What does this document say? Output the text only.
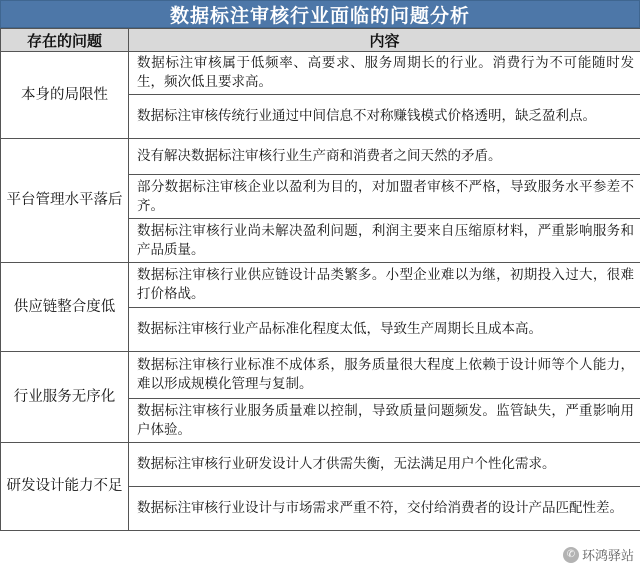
数据标注审核行业面临的问题分析
存在的问题	内容
本身的局限性	数据标注审核属于低频率、高要求、服务周期长的行业。消费行为不可能随时发生，频次低且要求高。
	数据标注审核传统行业通过中间信息不对称赚钱模式价格透明，缺乏盈利点。
平台管理水平落后	没有解决数据标注审核行业生产商和消费者之间天然的矛盾。
	部分数据标注审核企业以盈利为目的，对加盟者审核不严格，导致服务水平参差不齐。
	数据标注审核行业尚未解决盈利问题，利润主要来自压缩原材料，严重影响服务和产品质量。
供应链整合度低	数据标注审核行业供应链设计品类繁多。小型企业难以为继，初期投入过大，很难打价格战。
	数据标注审核行业产品标准化程度太低，导致生产周期长且成本高。
行业服务无序化	数据标注审核行业标准不成体系，服务质量很大程度上依赖于设计师等个人能力，难以形成规模化管理与复制。
	数据标注审核行业服务质量难以控制，导致质量问题频发。监管缺失，严重影响用户体验。
研发设计能力不足	数据标注审核行业研发设计人才供需失衡，无法满足用户个性化需求。
	数据标注审核行业设计与市场需求严重不符，交付给消费者的设计产品匹配性差。
✆ 环鸿驿站
